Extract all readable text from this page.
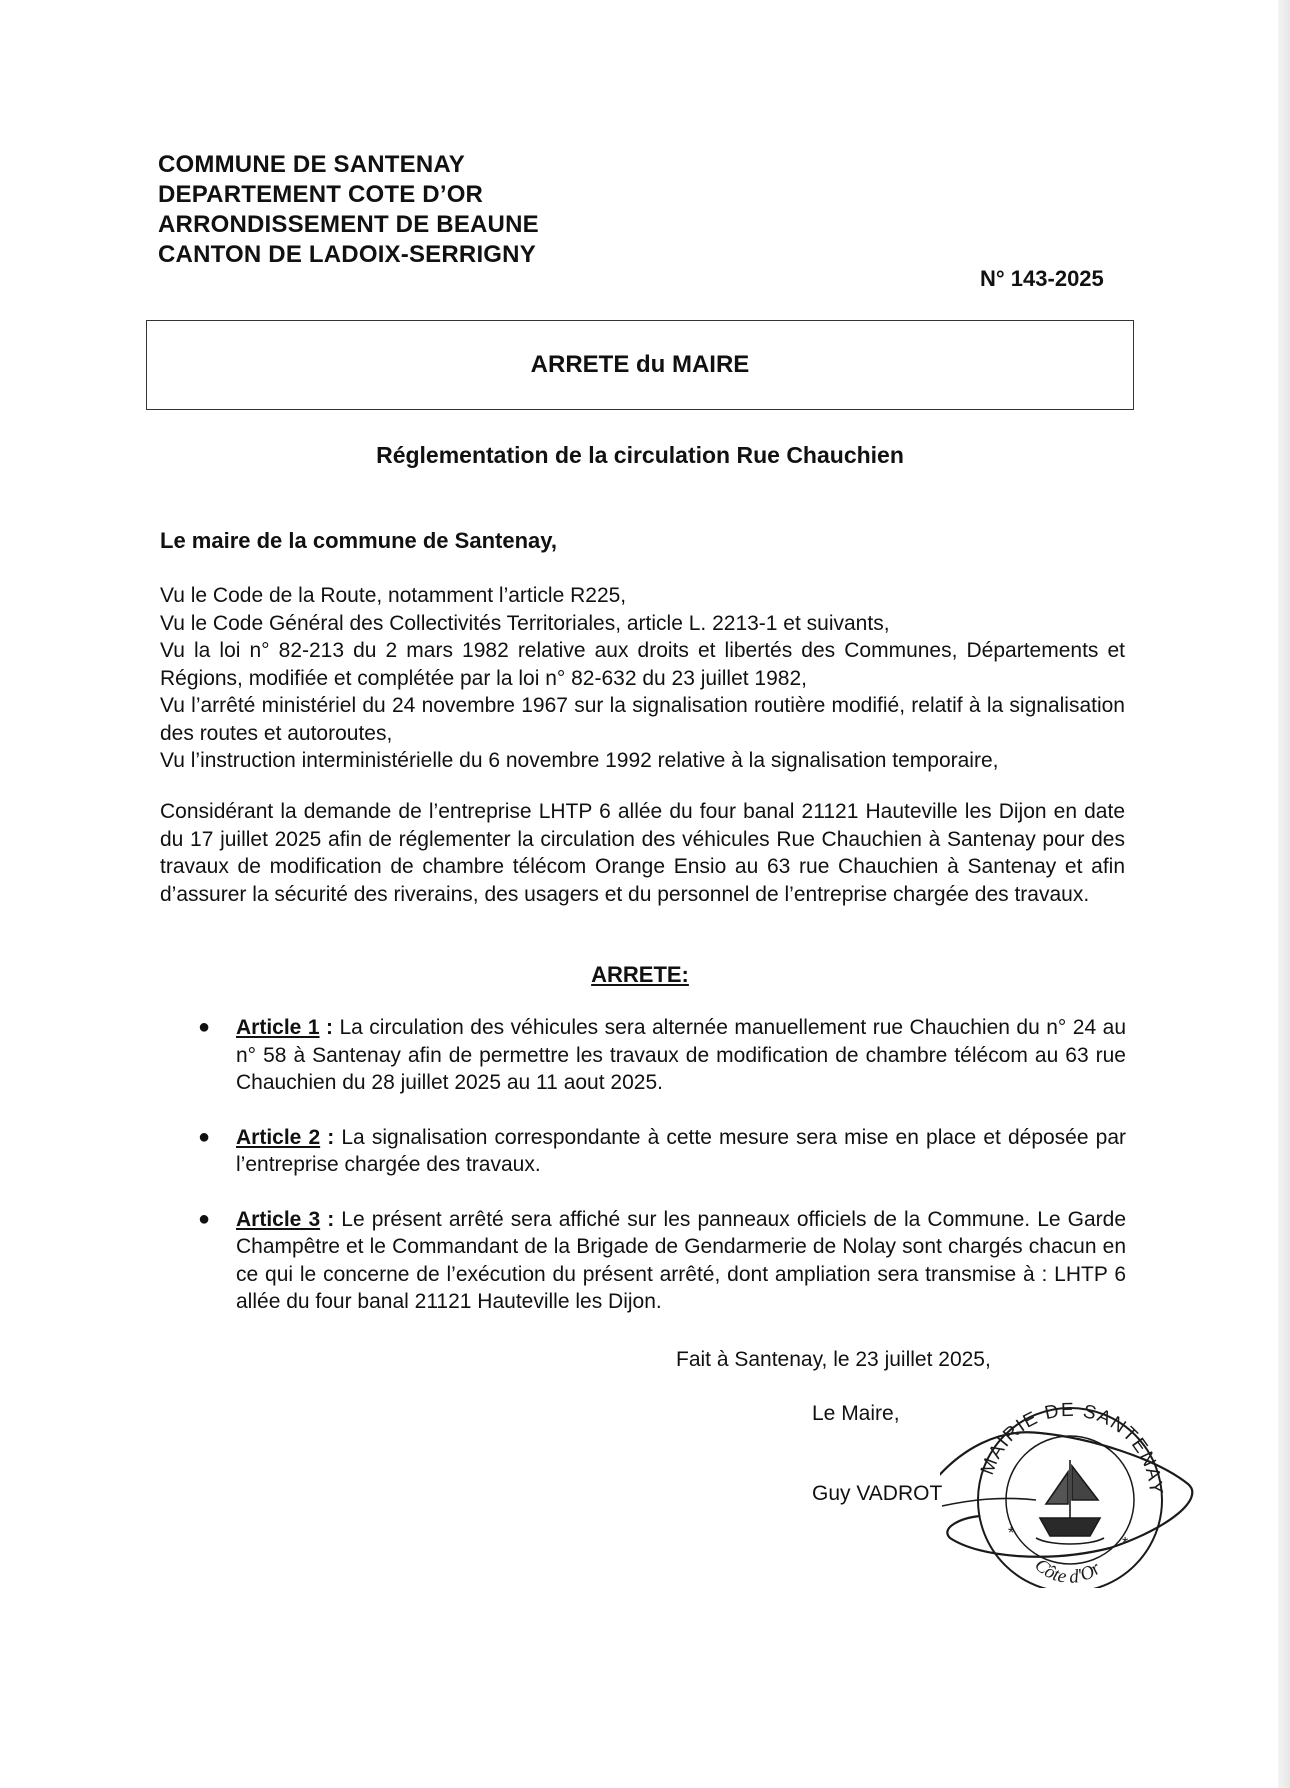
COMMUNE DE SANTENAY
DEPARTEMENT COTE D’OR
ARRONDISSEMENT DE BEAUNE
CANTON DE LADOIX-SERRIGNY
N° 143-2025
ARRETE du MAIRE
Réglementation de la circulation Rue Chauchien
Le maire de la commune de Santenay,
Vu le Code de la Route, notamment l’article R225,
Vu le Code Général des Collectivités Territoriales, article L. 2213-1 et suivants,
Vu la loi n° 82-213 du 2 mars 1982 relative aux droits et libertés des Communes, Départements et Régions, modifiée et complétée par la loi n° 82-632 du 23 juillet 1982,
Vu l’arrêté ministériel du 24 novembre 1967 sur la signalisation routière modifié, relatif à la signalisation des routes et autoroutes,
Vu l’instruction interministérielle du 6 novembre 1992 relative à la signalisation temporaire,
Considérant la demande de l’entreprise LHTP 6 allée du four banal 21121 Hauteville les Dijon en date du 17 juillet 2025 afin de réglementer la circulation des véhicules Rue Chauchien à Santenay pour des travaux de modification de chambre télécom Orange Ensio au 63 rue Chauchien à Santenay et afin d’assurer la sécurité des riverains, des usagers et du personnel de l’entreprise chargée des travaux.
ARRETE:
● Article 1 : La circulation des véhicules sera alternée manuellement rue Chauchien du n° 24 au n° 58 à Santenay afin de permettre les travaux de modification de chambre télécom au 63 rue Chauchien du 28 juillet 2025 au 11 aout 2025.
● Article 2 : La signalisation correspondante à cette mesure sera mise en place et déposée par l’entreprise chargée des travaux.
● Article 3 : Le présent arrêté sera affiché sur les panneaux officiels de la Commune. Le Garde Champêtre et le Commandant de la Brigade de Gendarmerie de Nolay sont chargés chacun en ce qui le concerne de l’exécution du présent arrêté, dont ampliation sera transmise à : LHTP 6 allée du four banal 21121 Hauteville les Dijon.
Fait à Santenay, le 23 juillet 2025,
Le Maire,
Guy VADROT
MAIRIE DE SANTENAY
Côte d'Or
*
*
